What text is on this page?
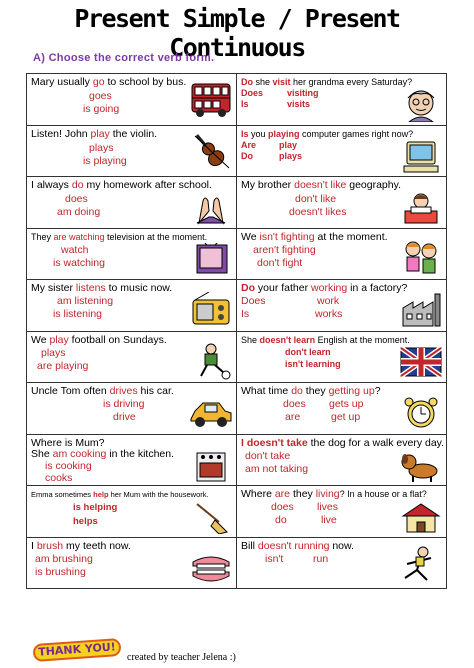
Present Simple / Present Continuous
A) Choose the correct verb form.
Mary usually go to school by bus.
goes
is going
Do she visit her grandma every Saturday?
Does	visiting
Is	visits
Listen! John play the violin.
plays
is playing
Is you playing computer games right now?
Are	play
Do	plays
I always do my homework after school.
does
am doing
My brother doesn't like geography.
don't like
doesn't likes
They are watching television at the moment.
watch
is watching
We isn't fighting at the moment.
aren't fighting
don't fight
My sister listens to music now.
am listening
is listening
Do your father working in a factory?
Does	work
Is	works
We play football on Sundays.
plays
are playing
She doesn't learn English at the moment.
don't learn
isn't learning
Uncle Tom often drives his car.
is driving
drive
What time do they getting up?
does gets up
are	get up
Where is Mum?
She am cooking in the kitchen.
is cooking
cooks
I doesn't take the dog for a walk every day.
don't take
am not taking
Emma sometimes help her Mum with the housework.
is helping
helps
Where are they living? In a house or a flat?
does lives
do	live
I brush my teeth now.
am brushing
is brushing
Bill doesn't running now.
isn't	run
THANK YOU!	created by teacher Jelena :)
